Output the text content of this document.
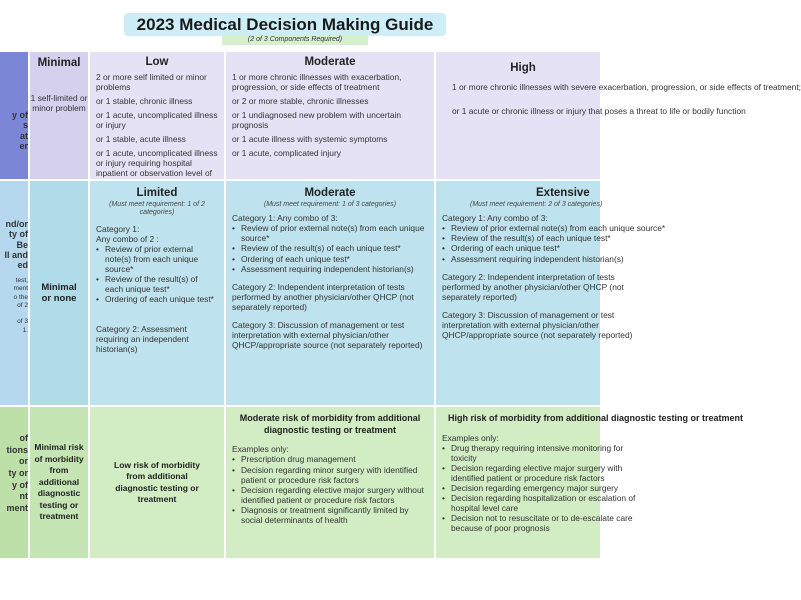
2023 Medical Decision Making Guide
(2 of 3 Components Required)
y of
s
at
er
Minimal
1 self-limited or minor problem
Low
2 or more self limited or minor problems
or 1 stable, chronic illness
or 1 acute, uncomplicated illness or injury
or 1 stable, acute illness
or 1 acute, uncomplicated illness or injury requiring hospital inpatient or observation level of
Moderate
1 or more chronic illnesses with exacerbation, progression, or side effects of treatment
or 2 or more stable, chronic illnesses
or 1 undiagnosed new problem with uncertain prognosis
or 1 acute illness with systemic symptoms
or 1 acute, complicated injury
High
1 or more chronic illnesses with severe exacerbation, progression, or side effects of treatment;
or 1 acute or chronic illness or injury that poses a threat to life or bodily function
nd/or
ty of
Be
ll and
ed
test,
ment
o the
of 2
of 3
1.
Minimal or none
Limited
(Must meet requirement: 1 of 2 categories)
Category 1:
Any combo of 2 :
• Review of prior external note(s) from each unique source*
• Review of the result(s) of each unique test*
• Ordering of each unique test*
Category 2: Assessment requiring an independent historian(s)
Moderate
(Must meet requirement: 1 of 3 categories)
Category 1: Any combo of 3:
• Review of prior external note(s) from each unique source*
• Review of the result(s) of each unique test*
• Ordering of each unique test*
• Assessment requiring independent historian(s)
Category 2: Independent interpretation of tests performed by another physician/other QHCP (not separately reported)
Category 3: Discussion of management or test interpretation with external physician/other QHCP/appropriate source (not separately reported)
Extensive
(Must meet requirement: 2 of 3 categories)
Category 1: Any combo of 3:
• Review of prior external note(s) from each unique source*
• Review of the result(s) of each unique test*
• Ordering of each unique test*
• Assessment requiring independent historian(s)
Category 2: Independent interpretation of tests performed by another physician/other QHCP (not separately reported)
Category 3: Discussion of management or test interpretation with external physician/other QHCP/appropriate source (not separately reported)
of
tions
or
ty or
y of
nt
ment
Minimal risk of morbidity from additional diagnostic testing or treatment
Low risk of morbidity from additional diagnostic testing or treatment
Moderate risk of morbidity from additional diagnostic testing or treatment
Examples only:
• Prescription drug management
• Decision regarding minor surgery with identified patient or procedure risk factors
• Decision regarding elective major surgery without identified patient or procedure risk factors
• Diagnosis or treatment significantly limited by social determinants of health
High risk of morbidity from additional diagnostic testing or treatment
Examples only:
• Drug therapy requiring intensive monitoring for toxicity
• Decision regarding elective major surgery with identified patient or procedure risk factors
• Decision regarding emergency major surgery
• Decision regarding hospitalization or escalation of hospital level care
• Decision not to resuscitate or to de-escalate care because of poor prognosis
